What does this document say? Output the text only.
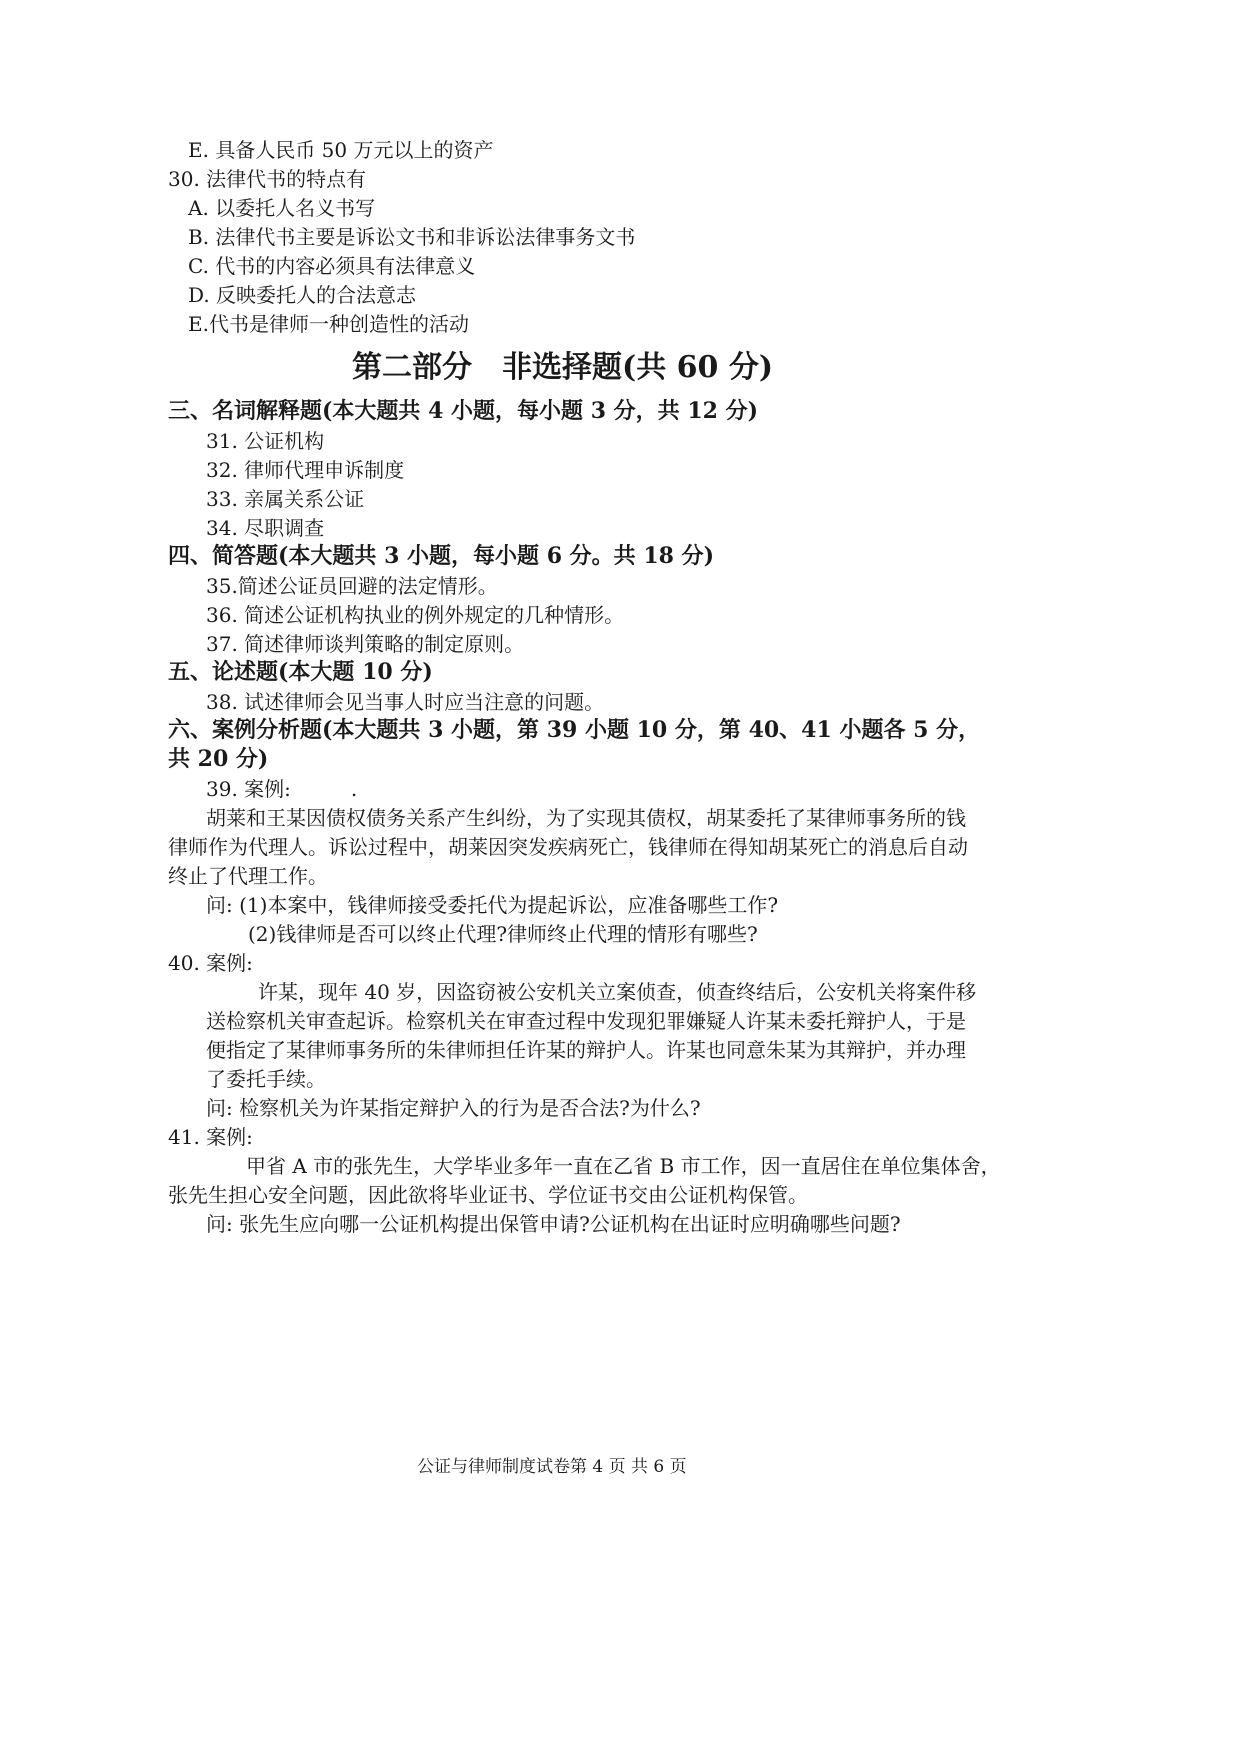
E. 具备人民币 50 万元以上的资产
30. 法律代书的特点有
A. 以委托人名义书写
B. 法律代书主要是诉讼文书和非诉讼法律事务文书
C. 代书的内容必须具有法律意义
D. 反映委托人的合法意志
E.代书是律师一种创造性的活动
第二部分　非选择题(共 60 分)
三、名词解释题(本大题共 4 小题，每小题 3 分，共 12 分)
31. 公证机构
32. 律师代理申诉制度
33. 亲属关系公证
34. 尽职调查
四、简答题(本大题共 3 小题，每小题 6 分。共 18 分)
35.简述公证员回避的法定情形。
36. 简述公证机构执业的例外规定的几种情形。
37. 简述律师谈判策略的制定原则。
五、论述题(本大题 10 分)
38. 试述律师会见当事人时应当注意的问题。
六、案例分析题(本大题共 3 小题，第 39 小题 10 分，第 40、41 小题各 5 分，
共 20 分)
39. 案例:　　　.
胡莱和王某因债权债务关系产生纠纷，为了实现其债权，胡某委托了某律师事务所的钱
律师作为代理人。诉讼过程中，胡莱因突发疾病死亡，钱律师在得知胡某死亡的消息后自动
终止了代理工作。
问: (1)本案中，钱律师接受委托代为提起诉讼，应准备哪些工作?
(2)钱律师是否可以终止代理?律师终止代理的情形有哪些?
40. 案例:
许某，现年 40 岁，因盗窃被公安机关立案侦查，侦查终结后，公安机关将案件移
送检察机关审查起诉。检察机关在审查过程中发现犯罪嫌疑人许某未委托辩护人，于是
便指定了某律师事务所的朱律师担任许某的辩护人。许某也同意朱某为其辩护，并办理
了委托手续。
问: 检察机关为许某指定辩护入的行为是否合法?为什么?
41. 案例:
甲省 A 市的张先生，大学毕业多年一直在乙省 B 市工作，因一直居住在单位集体舍，
张先生担心安全问题，因此欲将毕业证书、学位证书交由公证机构保管。
问: 张先生应向哪一公证机构提出保管申请?公证机构在出证时应明确哪些问题?
公证与律师制度试卷第 4 页 共 6 页
